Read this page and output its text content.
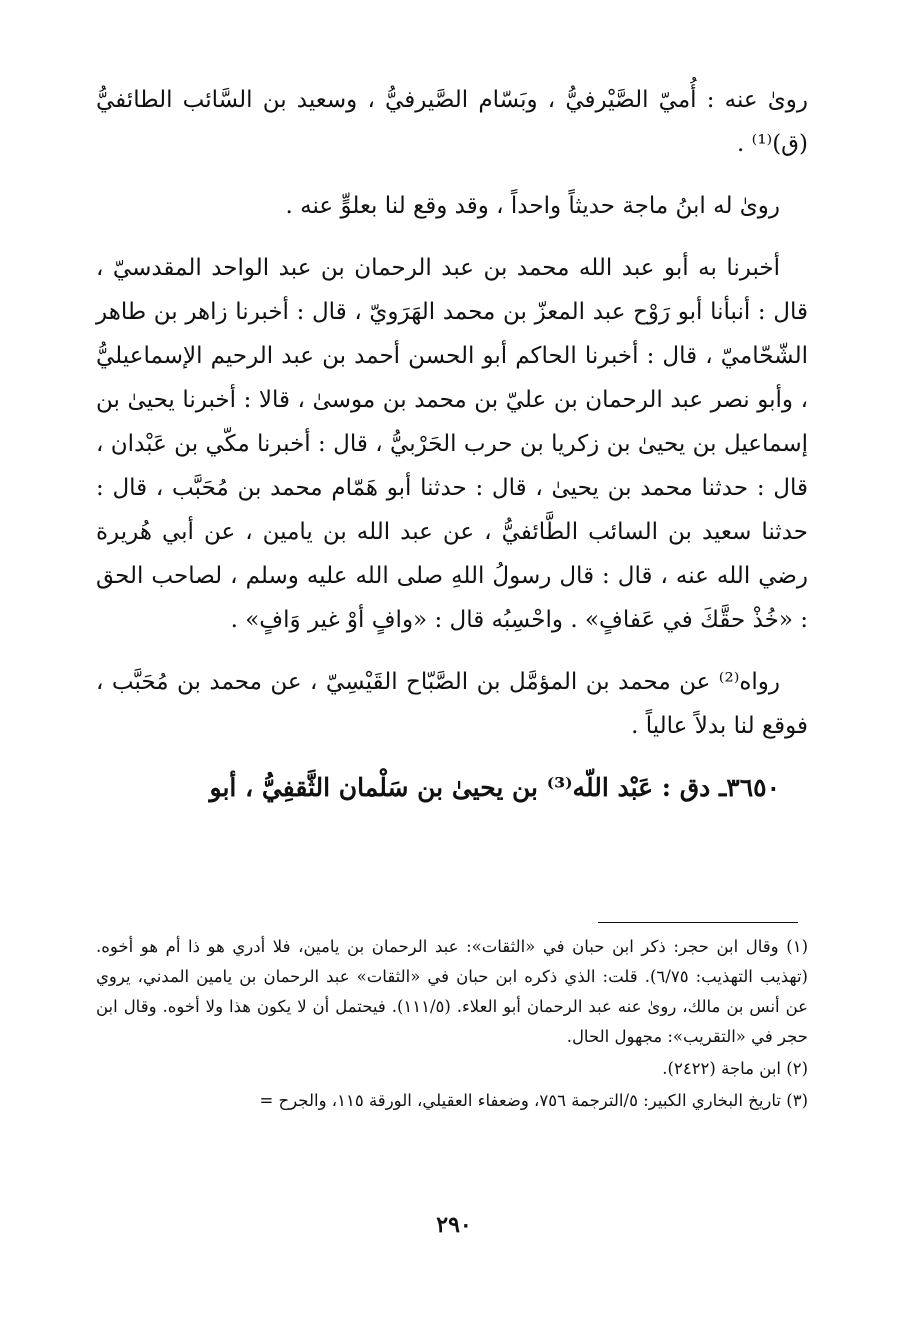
روىٰ عنه : أُميّ الصَّيْرفيُّ ، وبَسّام الصَّيرفيُّ ، وسعيد بن السَّائب الطائفيُّ (ق)⁽¹⁾ .

روىٰ له ابنُ ماجة حديثاً واحداً ، وقد وقع لنا بعلوٍّ عنه .

أخبرنا به أبو عبد الله محمد بن عبد الرحمان بن عبد الواحد المقدسيّ ، قال : أنبأنا أبو رَوْح عبد المعزّ بن محمد الهَرَويّ ، قال : أخبرنا زاهر بن طاهر الشّحّاميّ ، قال : أخبرنا الحاكم أبو الحسن أحمد بن عبد الرحيم الإسماعيليُّ ، وأبو نصر عبد الرحمان بن عليّ بن محمد بن موسىٰ ، قالا : أخبرنا يحيىٰ بن إسماعيل بن يحيىٰ بن زكريا بن حرب الحَرْبيُّ ، قال : أخبرنا مكّي بن عَبْدان ، قال : حدثنا محمد بن يحيىٰ ، قال : حدثنا أبو هَمّام محمد بن مُحَبَّب ، قال : حدثنا سعيد بن السائب الطَّائفيُّ ، عن عبد الله بن يامين ، عن أبي هُريرة رضي الله عنه ، قال : قال رسولُ اللهِ صلى الله عليه وسلم ، لصاحب الحق : «خُذْ حقَّكَ في عَفافٍ» . واحْسِبُه قال : «وافٍ أوْ غير وَافٍ» .

رواه⁽²⁾ عن محمد بن المؤمَّل بن الصَّبّاح القَيْسِيّ ، عن محمد بن مُحَبَّب ، فوقع لنا بدلاً عالياً .

٣٦٥٠ـ دق : عَبْد اللّه⁽³⁾ بن يحيىٰ بن سَلْمان الثَّقفِيُّ ، أبو

(١) وقال ابن حجر: ذكر ابن حبان في «الثقات»: عبد الرحمان بن يامين، فلا أدري هو ذا أم هو أخوه. (تهذيب التهذيب: ٦/٧٥). قلت: الذي ذكره ابن حبان في «الثقات» عبد الرحمان بن يامين المدني، يروي عن أنس بن مالك، روىٰ عنه عبد الرحمان أبو العلاء. (١١١/٥). فيحتمل أن لا يكون هذا ولا أخوه. وقال ابن حجر في «التقريب»: مجهول الحال.

(٢) ابن ماجة (٢٤٢٢).

(٣) تاريخ البخاري الكبير: ٥/الترجمة ٧٥٦، وضعفاء العقيلي، الورقة ١١٥، والجرح =

٢٩٠
